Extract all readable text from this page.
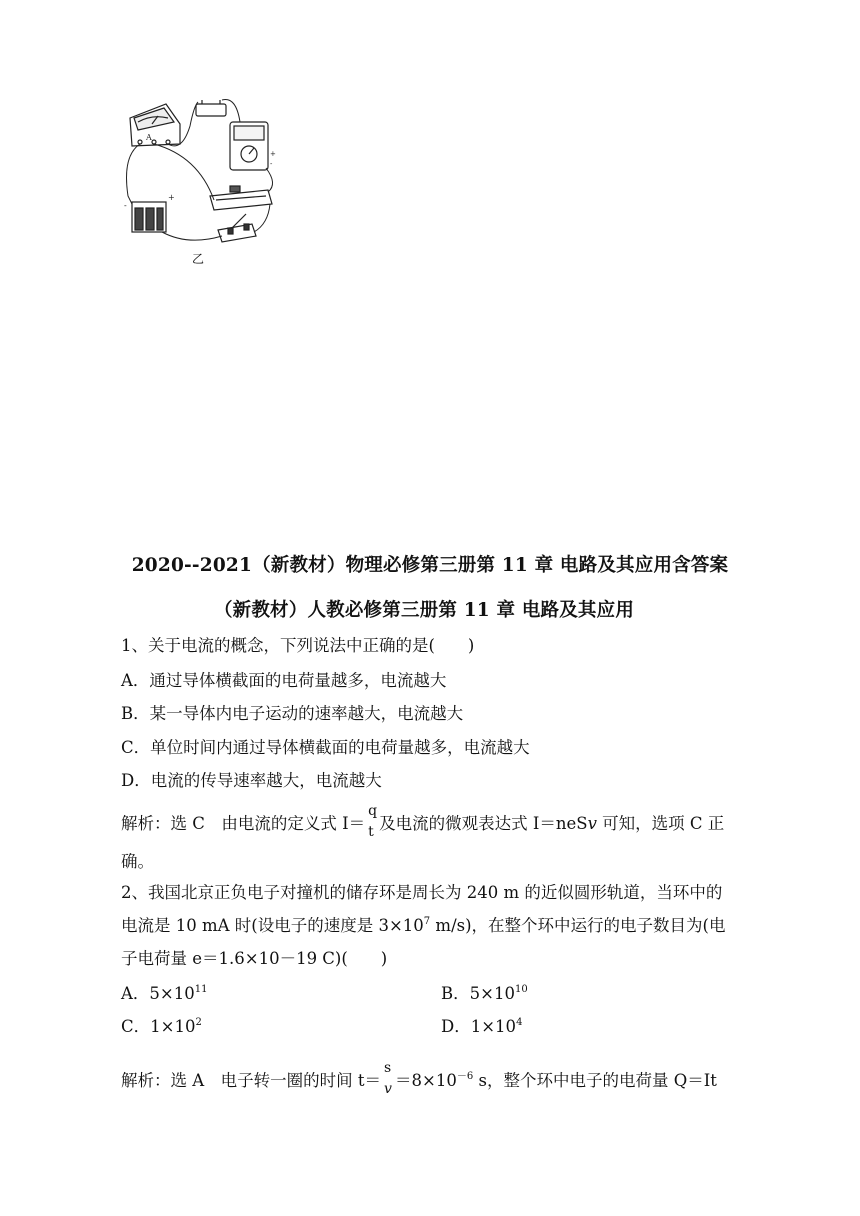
A
+
-
-
+
乙
2020--2021（新教材）物理必修第三册第 11 章 电路及其应用含答案
（新教材）人教必修第三册第 11 章 电路及其应用
1、关于电流的概念，下列说法中正确的是(　　)
A．通过导体横截面的电荷量越多，电流越大
B．某一导体内电子运动的速率越大，电流越大
C．单位时间内通过导体横截面的电荷量越多，电流越大
D．电流的传导速率越大，电流越大
解析：选 C　由电流的定义式 I＝
q
t 及电流的微观表达式 I＝neSv 可知，选项 C 正
确。
2、我国北京正负电子对撞机的储存环是周长为 240 m 的近似圆形轨道，当环中的
电流是 10 mA 时(设电子的速度是 $3\times 10^7$ m/s)，在整个环中运行的电子数目为(电
子电荷量 e＝1.6×10－19 C)(　　)
A．$5\times 10^{11}$	B．$5\times 10^{10}$
C．$1\times 10^2$	D．$1\times 10^4$
解析：选 A　电子转一圈的时间 t＝
s
$v =8\times 10^{-6}$ s，整个环中电子的电荷量 Q＝It
